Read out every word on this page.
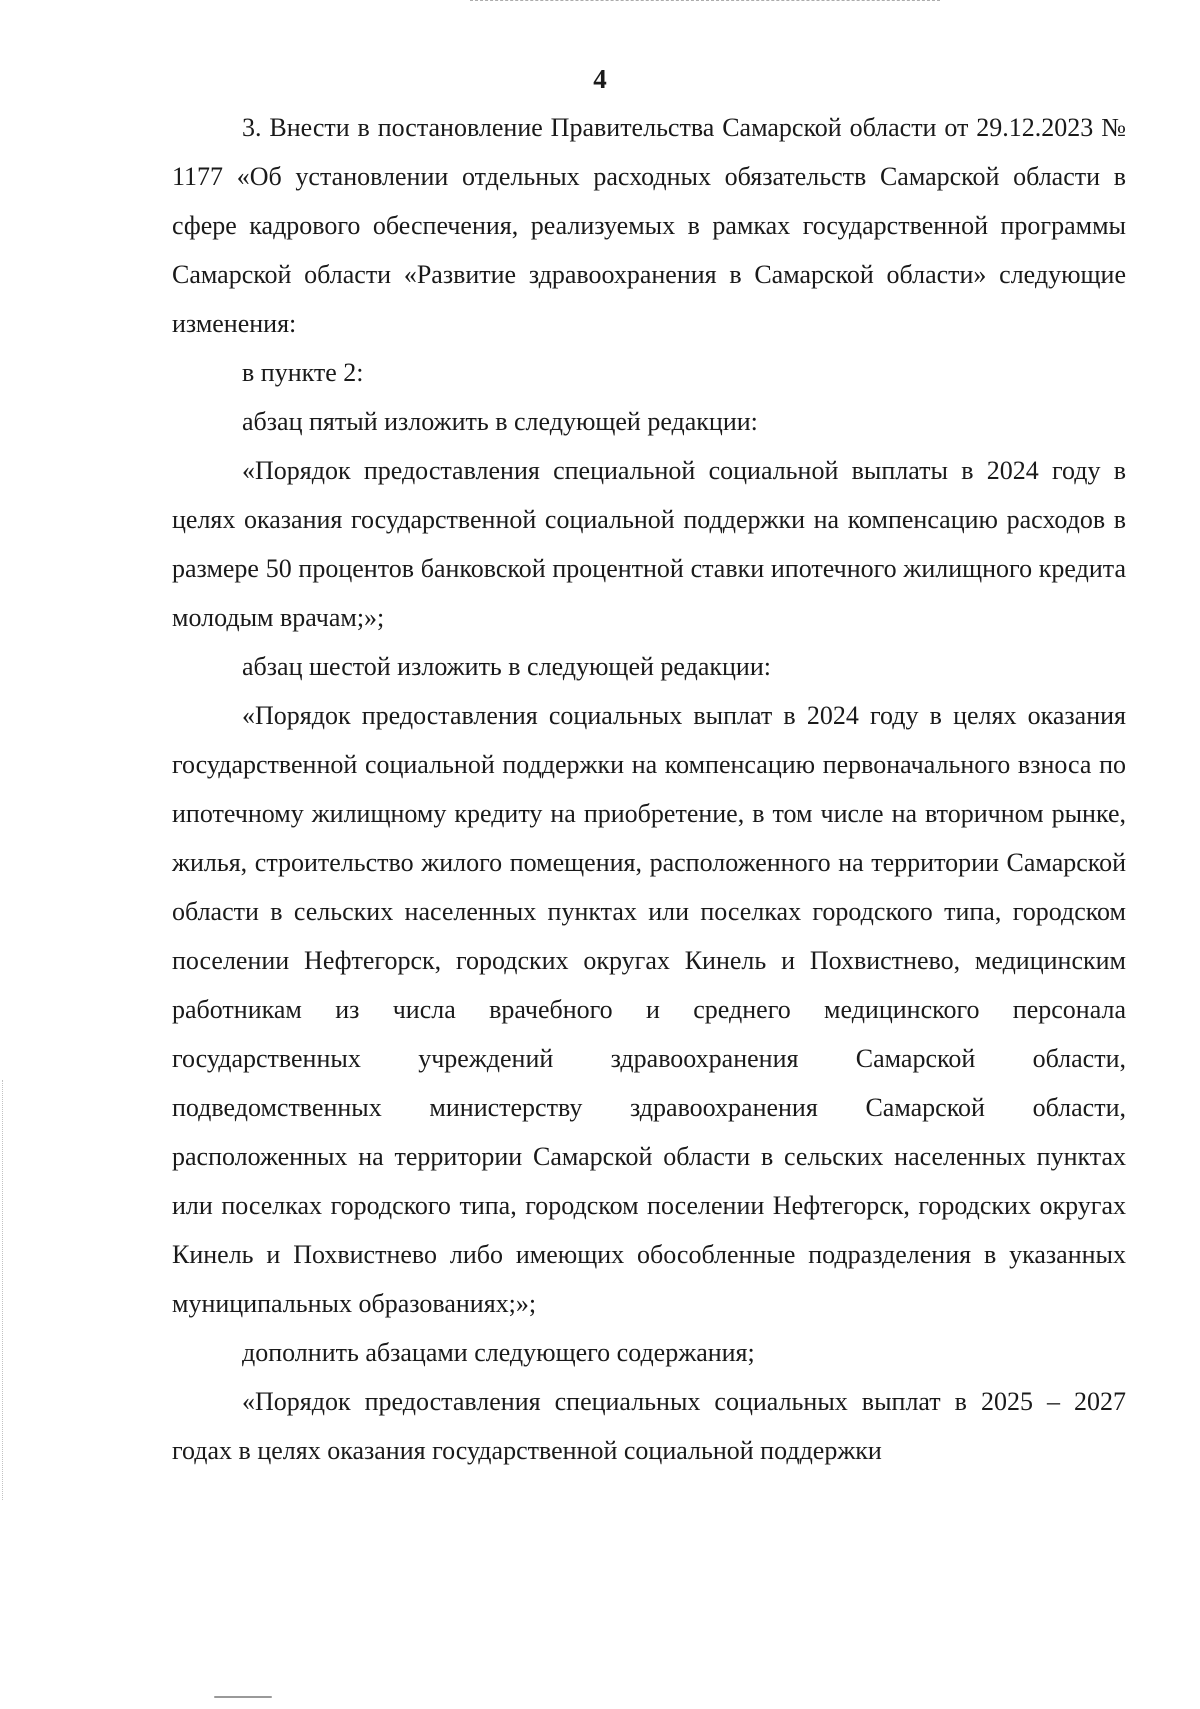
4

3. Внести в постановление Правительства Самарской области от 29.12.2023 № 1177 «Об установлении отдельных расходных обязательств Самарской области в сфере кадрового обеспечения, реализуемых в рамках государственной программы Самарской области «Развитие здравоохранения в Самарской области» следующие изменения:

в пункте 2:

абзац пятый изложить в следующей редакции:

«Порядок предоставления специальной социальной выплаты в 2024 году в целях оказания государственной социальной поддержки на компенсацию расходов в размере 50 процентов банковской процентной ставки ипотечного жилищного кредита молодым врачам;»;

абзац шестой изложить в следующей редакции:

«Порядок предоставления социальных выплат в 2024 году в целях оказания государственной социальной поддержки на компенсацию первоначального взноса по ипотечному жилищному кредиту на приобретение, в том числе на вторичном рынке, жилья, строительство жилого помещения, расположенного на территории Самарской области в сельских населенных пунктах или поселках городского типа, городском поселении Нефтегорск, городских округах Кинель и Похвистнево, медицинским работникам из числа врачебного и среднего медицинского персонала государственных учреждений здравоохранения Самарской области, подведомственных министерству здравоохранения Самарской области, расположенных на территории Самарской области в сельских населенных пунктах или поселках городского типа, городском поселении Нефтегорск, городских округах Кинель и Похвистнево либо имеющих обособленные подразделения в указанных муниципальных образованиях;»;

дополнить абзацами следующего содержания;

«Порядок предоставления специальных социальных выплат в 2025 – 2027 годах в целях оказания государственной социальной поддержки
